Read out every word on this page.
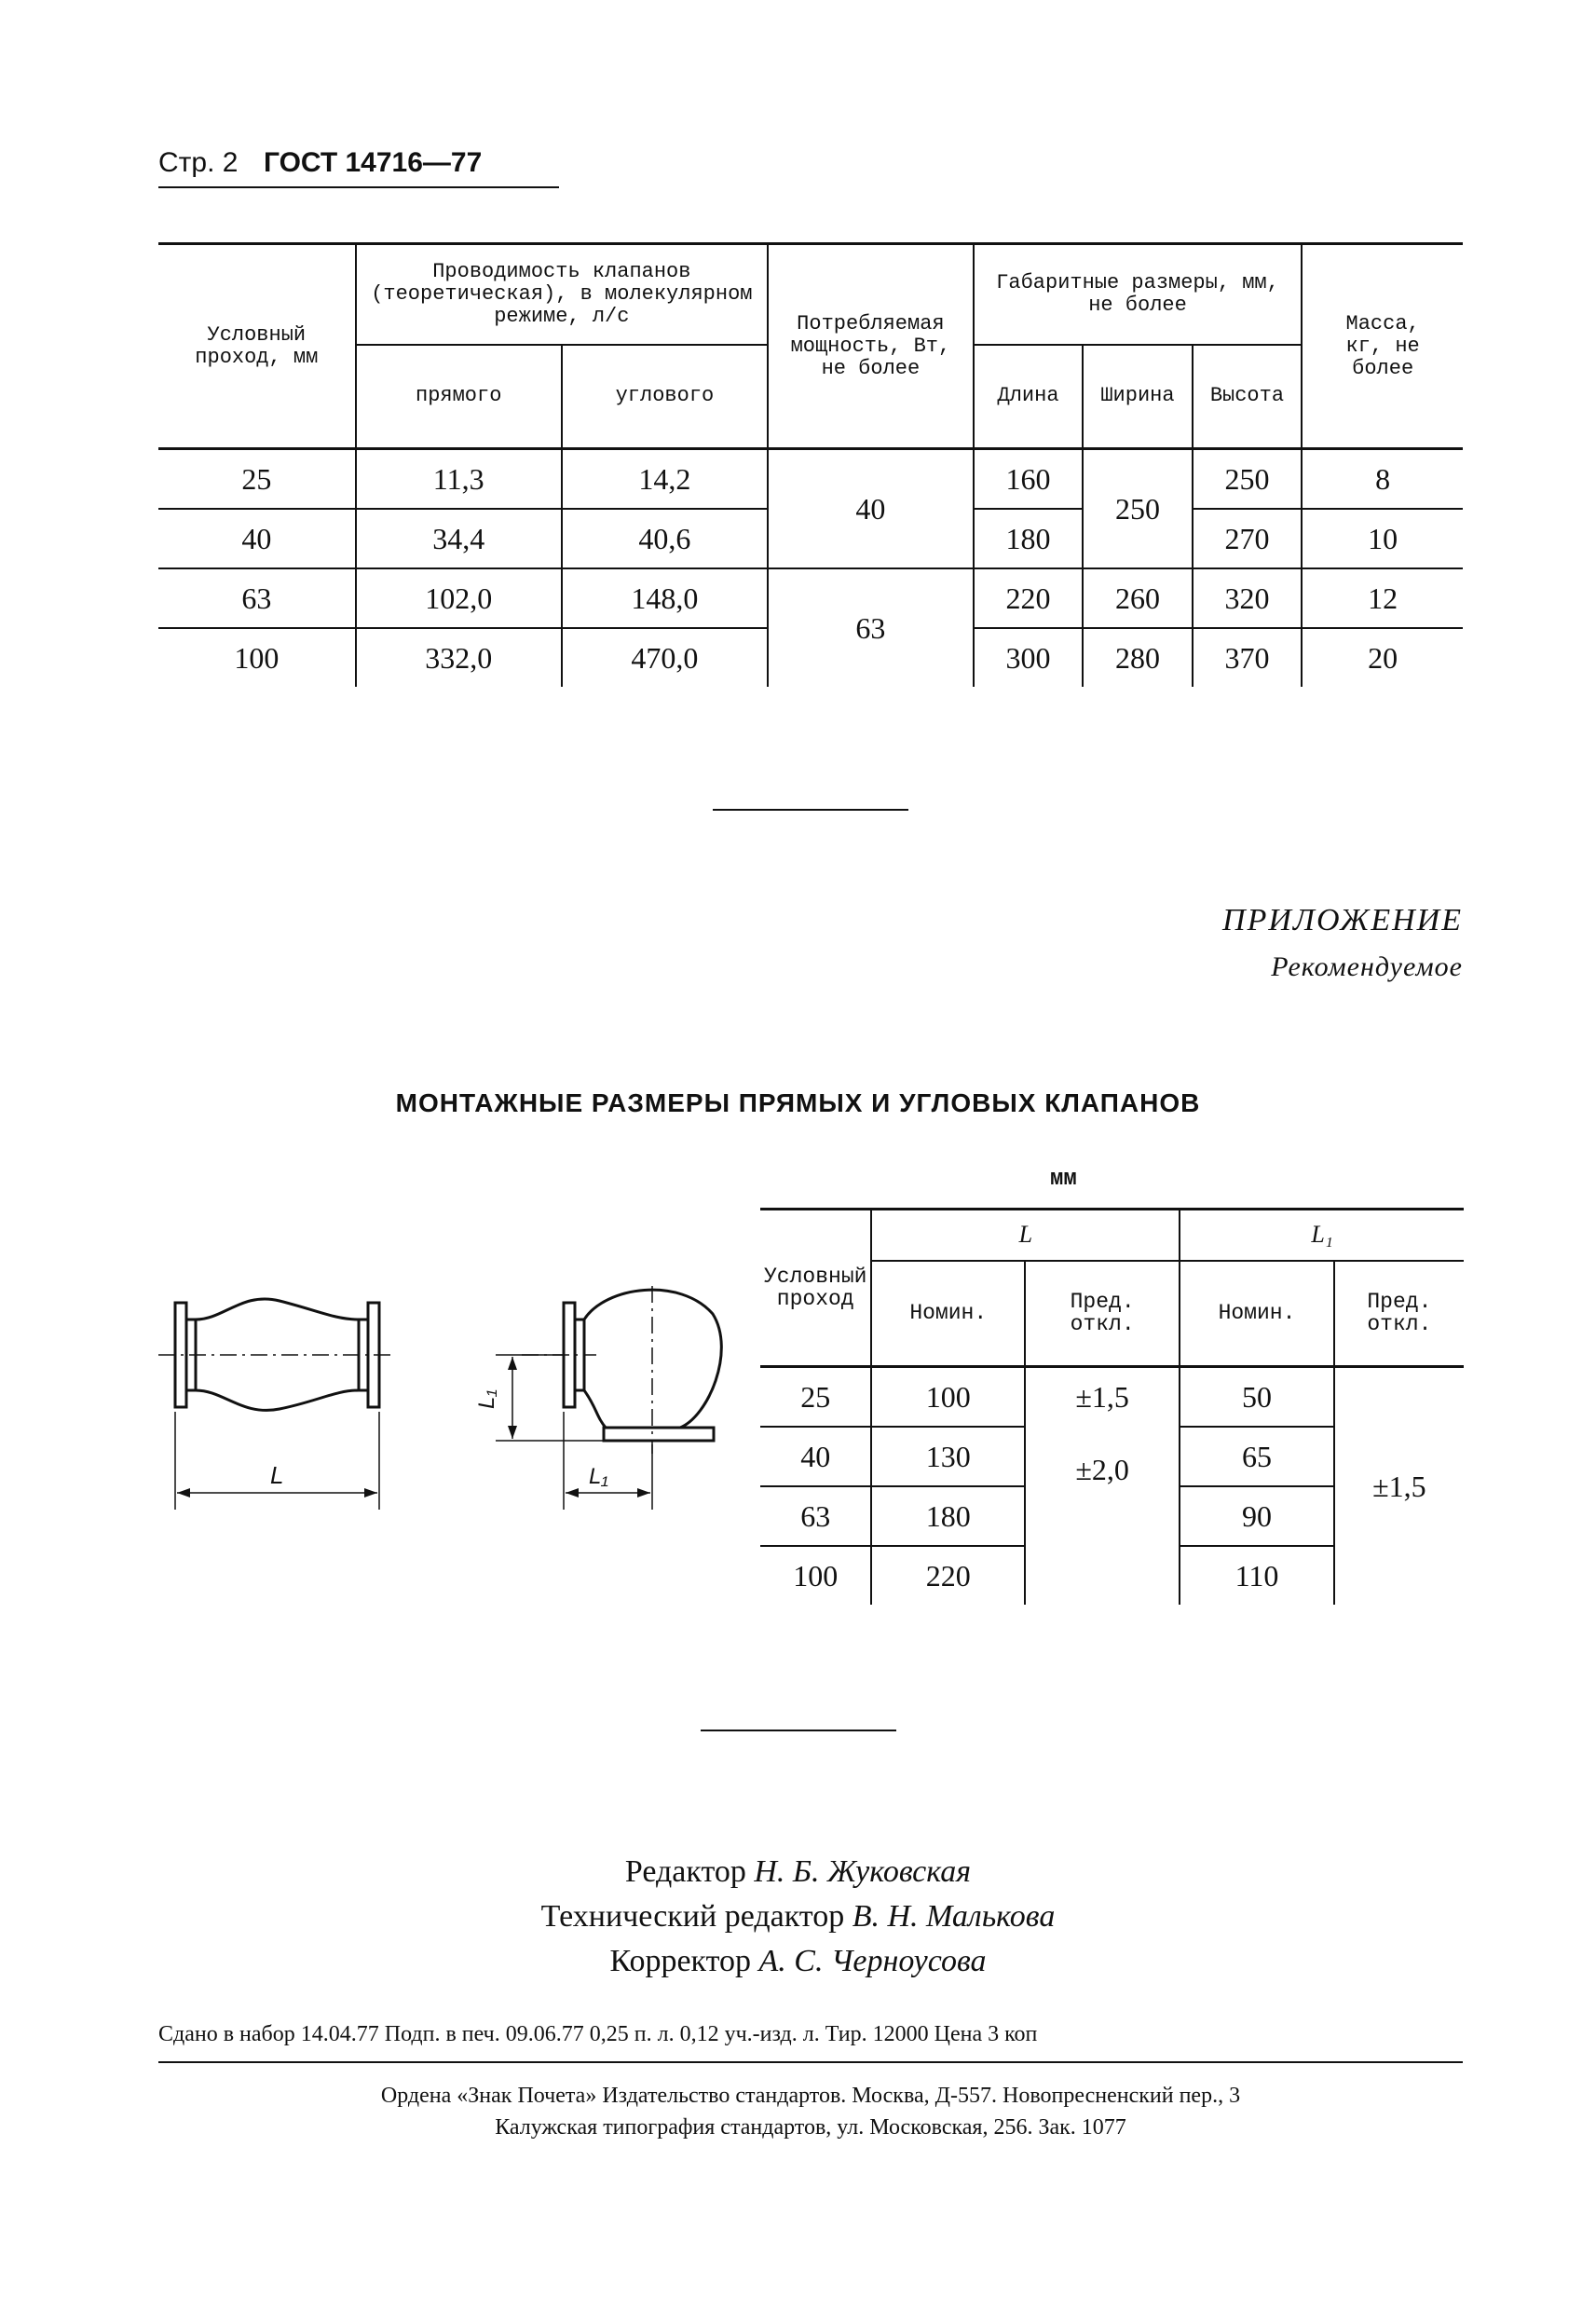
Стр. 2 ГОСТ 14716—77
Условный проход, мм	Проводимость клапанов (теоретическая), в молекулярном режиме, л/с		Потребляемая мощность, Вт, не более	Габаритные размеры, мм, не более			Масса, кг, не более
	прямого	углового		Длина	Ширина	Высота	
25	11,3	14,2	40	160	250	250	8
40	34,4	40,6		180		270	10
63	102,0	148,0	63	220	260	320	12
100	332,0	470,0		300	280	370	20
ПРИЛОЖЕНИЕ
Рекомендуемое
МОНТАЖНЫЕ РАЗМЕРЫ ПРЯМЫХ И УГЛОВЫХ КЛАПАНОВ
мм
L	L₁
L₁
Условный проход	L		L₁	
	Номин.	Пред. откл.	Номин.	Пред. откл.
25	100	±1,5	50	±1,5
40	130	±2,0	65	
63	180		90	
100	220		110	
Редактор Н. Б. Жуковская
Технический редактор В. Н. Малькова
Корректор А. С. Черноусова
Сдано в набор 14.04.77 Подп. в печ. 09.06.77 0,25 п. л. 0,12 уч.-изд. л. Тир. 12000 Цена 3 коп
Ордена «Знак Почета» Издательство стандартов. Москва, Д-557. Новопресненский пер., 3
Калужская типография стандартов, ул. Московская, 256. Зак. 1077
